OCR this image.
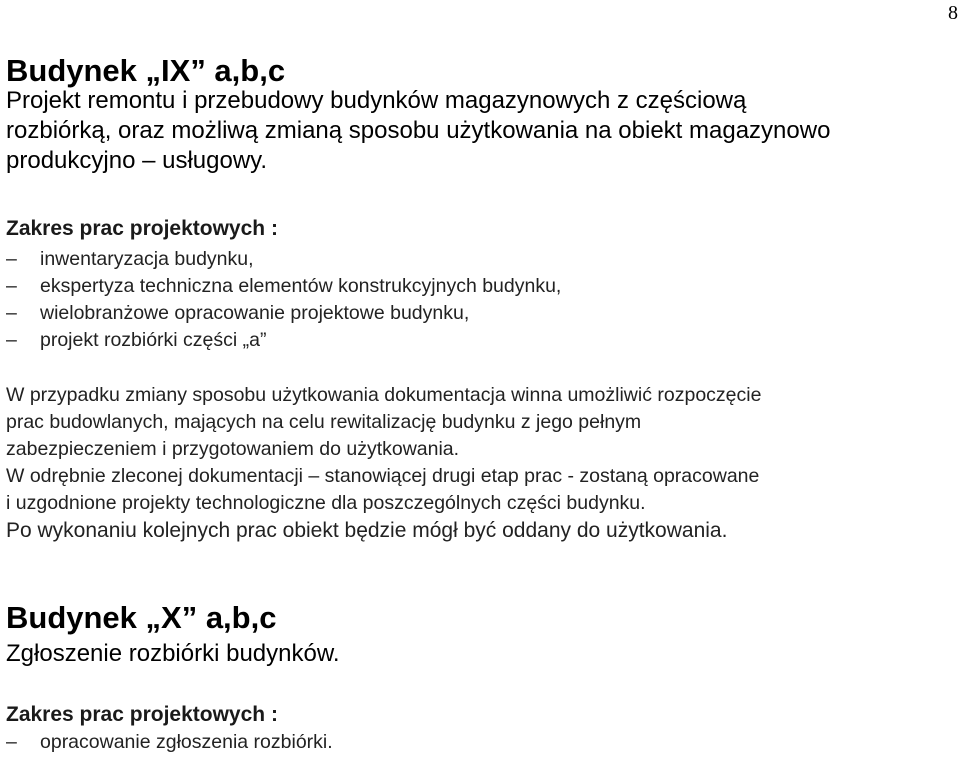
8
Budynek „IX” a,b,c
Projekt remontu i przebudowy budynków magazynowych z częściową
rozbiórką, oraz możliwą zmianą sposobu użytkowania na obiekt magazynowo
produkcyjno – usługowy.
Zakres prac projektowych :
–	inwentaryzacja budynku,
–	ekspertyza techniczna elementów konstrukcyjnych budynku,
–	wielobranżowe opracowanie projektowe budynku,
–	projekt rozbiórki części „a”

W przypadku zmiany sposobu użytkowania dokumentacja winna umożliwić rozpoczęcie

prac budowlanych, mających na celu rewitalizację budynku z jego pełnym

zabezpieczeniem i przygotowaniem do użytkowania.

W odrębnie zleconej dokumentacji – stanowiącej drugi etap prac - zostaną opracowane

i uzgodnione projekty technologiczne dla poszczególnych części budynku.

Po wykonaniu kolejnych prac obiekt będzie mógł być oddany do użytkowania.

Budynek „X” a,b,c
Zgłoszenie rozbiórki budynków.
Zakres prac projektowych :
–	opracowanie zgłoszenia rozbiórki.
